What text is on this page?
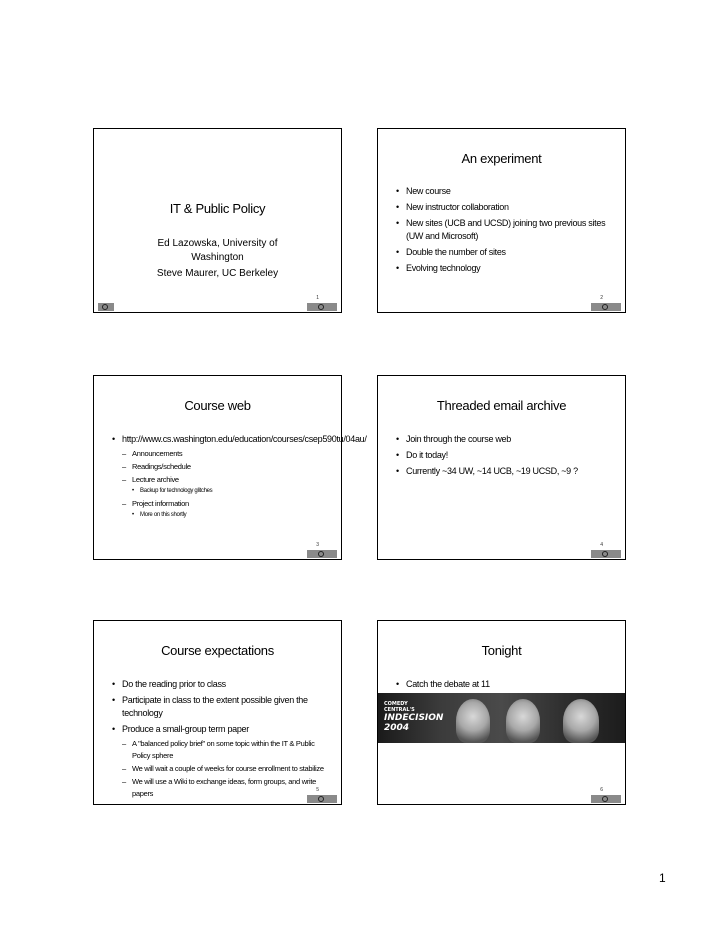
IT & Public Policy
Ed Lazowska, University of Washington
Steve Maurer, UC Berkeley
1
An experiment
• New course
• New instructor collaboration
• New sites (UCB and UCSD) joining two previous sites (UW and Microsoft)
• Double the number of sites
• Evolving technology
2
Course web
• http://www.cs.washington.edu/education/courses/csep590tu/04au/
– Announcements
– Readings/schedule
– Lecture archive
• Backup for technology glitches
– Project information
• More on this shortly
3
Threaded email archive
• Join through the course web
• Do it today!
• Currently ~34 UW, ~14 UCB, ~19 UCSD, ~9 ?
4
Course expectations
• Do the reading prior to class
• Participate in class to the extent possible given the technology
• Produce a small-group term paper
– A "balanced policy brief" on some topic within the IT & Public Policy sphere
– We will wait a couple of weeks for course enrollment to stabilize
– We will use a Wiki to exchange ideas, form groups, and write papers	5
Tonight
• Catch the debate at 11
COMEDY CENTRAL'S
INDECISION
2004
6
1
